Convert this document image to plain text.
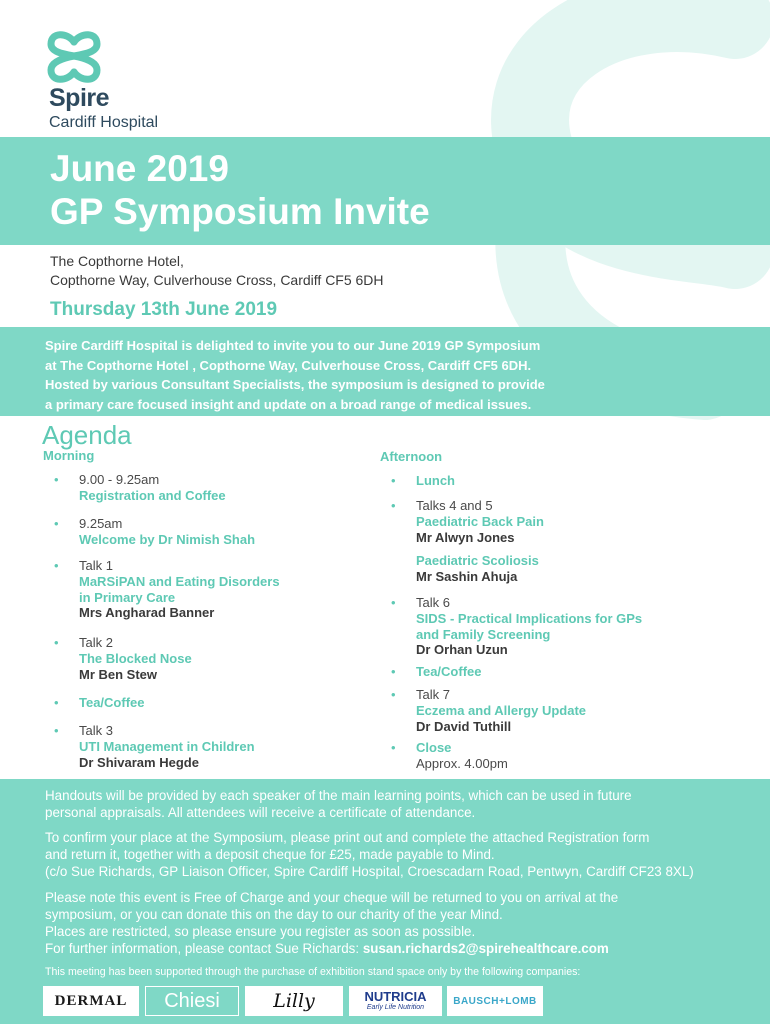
Spire
Cardiff Hospital
June 2019
GP Symposium Invite
The Copthorne Hotel,
Copthorne Way, Culverhouse Cross, Cardiff CF5 6DH
Thursday 13th June 2019
Spire Cardiff Hospital is delighted to invite you to our June 2019 GP Symposium
at The Copthorne Hotel , Copthorne Way, Culverhouse Cross, Cardiff CF5 6DH.
Hosted by various Consultant Specialists, the symposium is designed to provide
a primary care focused insight and update on a broad range of medical issues.
Agenda
Morning	Afternoon
• 9.00 - 9.25am
Registration and Coffee
• 9.25am
Welcome by Dr Nimish Shah
• Talk 1
MaRSiPAN and Eating Disorders
in Primary Care
Mrs Angharad Banner
• Talk 2
The Blocked Nose
Mr Ben Stew
• Tea/Coffee
• Talk 3
UTI Management in Children
Dr Shivaram Hegde
• Lunch
• Talks 4 and 5
Paediatric Back Pain
Mr Alwyn Jones
Paediatric Scoliosis
Mr Sashin Ahuja
• Talk 6
SIDS - Practical Implications for GPs
and Family Screening
Dr Orhan Uzun
• Tea/Coffee
• Talk 7
Eczema and Allergy Update
Dr David Tuthill
• Close
Approx. 4.00pm
Handouts will be provided by each speaker of the main learning points, which can be used in future
personal appraisals. All attendees will receive a certificate of attendance.
To confirm your place at the Symposium, please print out and complete the attached Registration form
and return it, together with a deposit cheque for £25, made payable to Mind.
(c/o Sue Richards, GP Liaison Officer, Spire Cardiff Hospital, Croescadarn Road, Pentwyn, Cardiff CF23 8XL)
Please note this event is Free of Charge and your cheque will be returned to you on arrival at the
symposium, or you can donate this on the day to our charity of the year Mind.
Places are restricted, so please ensure you register as soon as possible.
For further information, please contact Sue Richards: susan.richards2@spirehealthcare.com
This meeting has been supported through the purchase of exhibition stand space only by the following companies:
DERMAL Chiesi	Lilly	NUTRICIA
Early Life Nutrition
BAUSCH+LOMB
